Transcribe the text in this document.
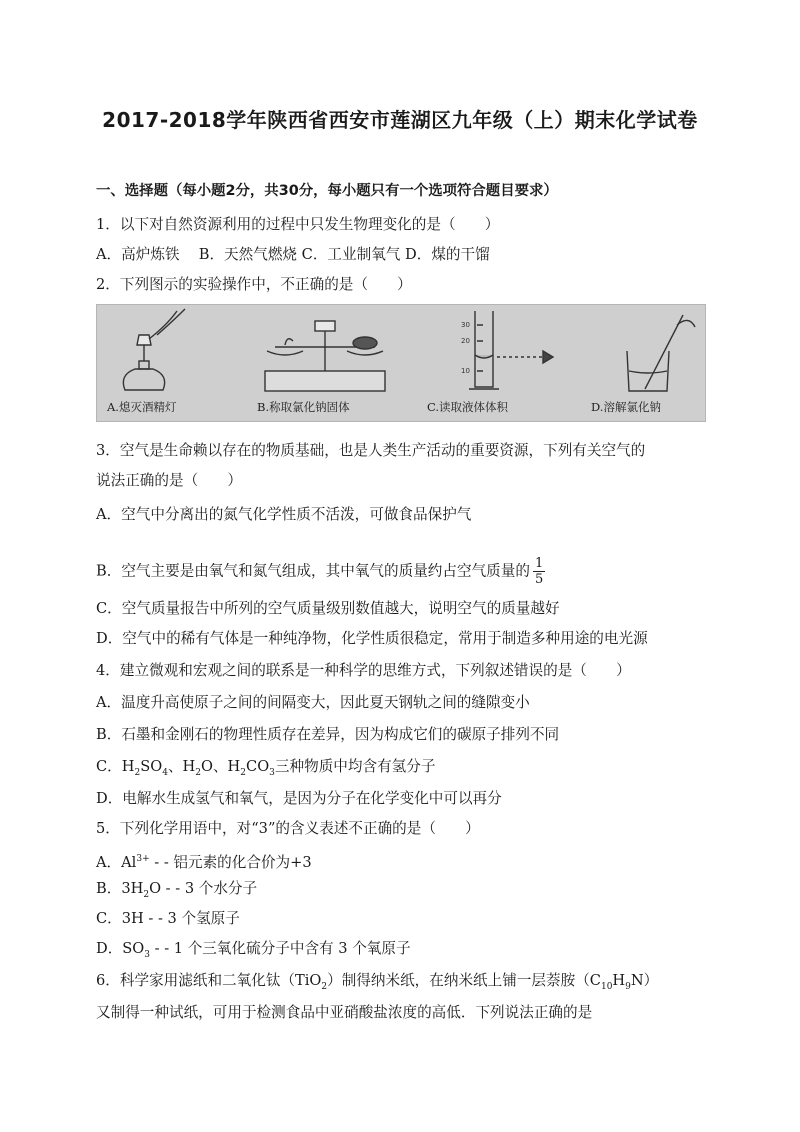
2017-2018学年陕西省西安市莲湖区九年级（上）期末化学试卷
一、选择题（每小题2分，共30分，每小题只有一个选项符合题目要求）
1．以下对自然资源利用的过程中只发生物理变化的是（　　）
A．高炉炼铁　 B．天然气燃烧 C．工业制氧气 D．煤的干馏
2．下列图示的实验操作中，不正确的是（　　）
30
20
10
A.熄灭酒精灯	B.称取氯化钠固体	C.读取液体体积	D.溶解氯化钠
3．空气是生命赖以存在的物质基础，也是人类生产活动的重要资源，下列有关空气的
说法正确的是（　　）
A．空气中分离出的氮气化学性质不活泼，可做食品保护气
B．空气主要是由氧气和氮气组成，其中氧气的质量约占空气质量的 $\frac{1}{5}$
C．空气质量报告中所列的空气质量级别数值越大，说明空气的质量越好
D．空气中的稀有气体是一种纯净物，化学性质很稳定，常用于制造多种用途的电光源
4．建立微观和宏观之间的联系是一种科学的思维方式，下列叙述错误的是（　　）
A．温度升高使原子之间的间隔变大，因此夏天钢轨之间的缝隙变小
B．石墨和金刚石的物理性质存在差异，因为构成它们的碳原子排列不同
C．$H_2SO_4$、$H_2O$、$H_2CO_3$三种物质中均含有氢分子
D．电解水生成氢气和氧气，是因为分子在化学变化中可以再分
5．下列化学用语中，对“3”的含义表述不正确的是（　　）
A．$Al^{3+}$ - - 铝元素的化合价为+3
B．$3H_2O$ - - 3 个水分子
C．3H - - 3 个氢原子
D．$SO_3$ - - 1 个三氧化硫分子中含有 3 个氧原子
6．科学家用滤纸和二氧化钛（TiO$_2$）制得纳米纸，在纳米纸上铺一层萘胺$(C_{10}H_9N)$
又制得一种试纸，可用于检测食品中亚硝酸盐浓度的高低．下列说法正确的是
